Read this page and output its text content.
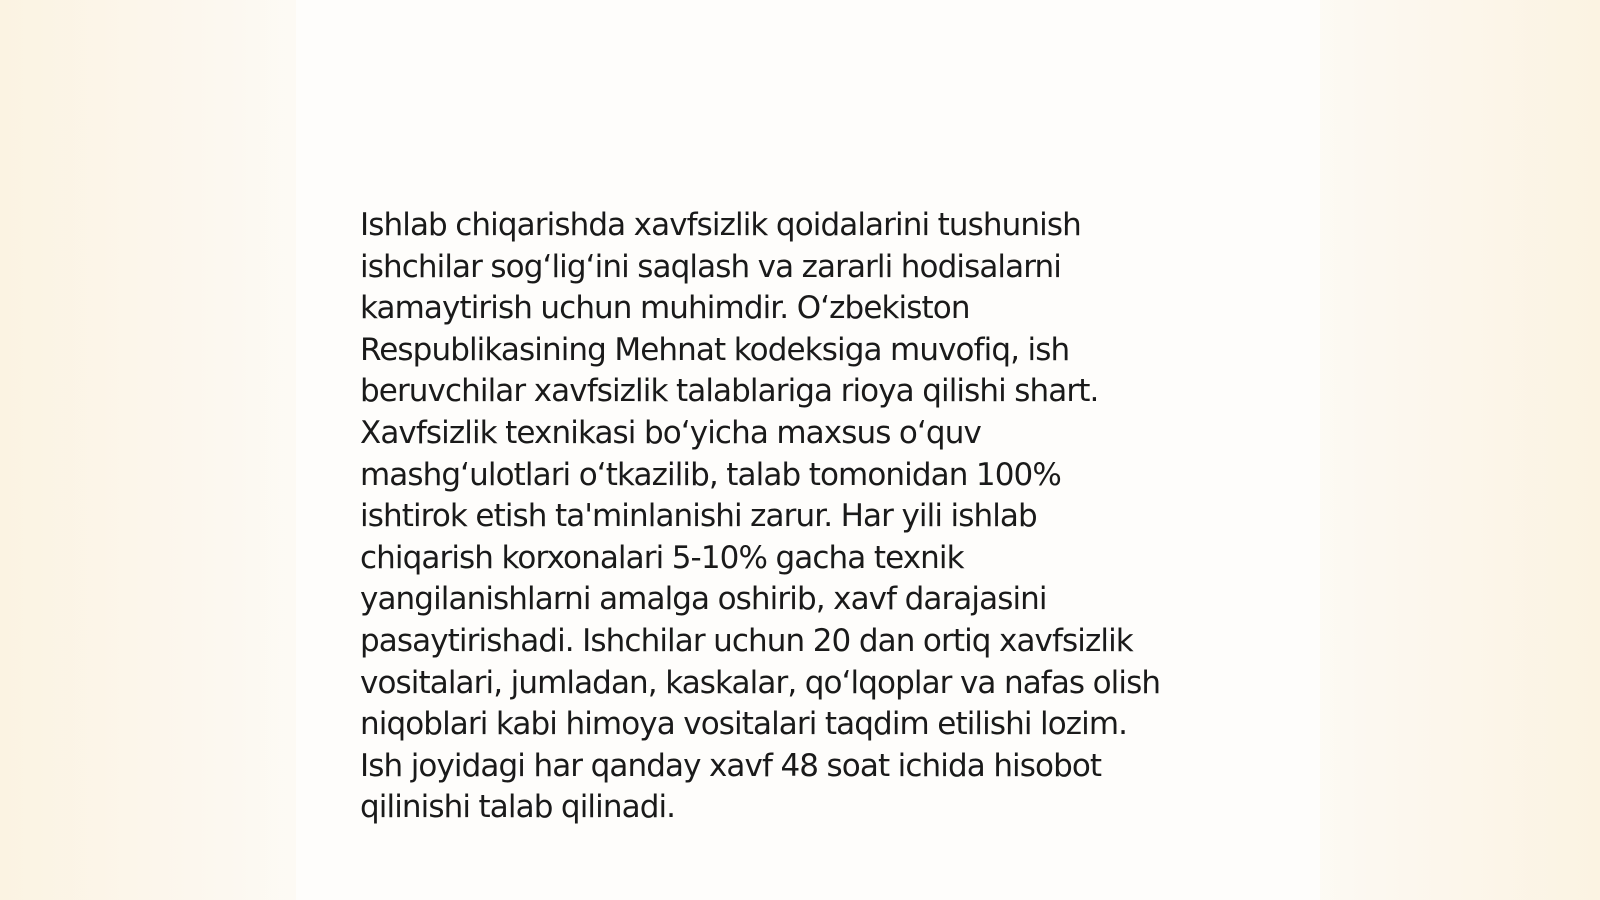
Ishlab chiqarishda xavfsizlik qoidalarini tushunish
ishchilar sogʻligʻini saqlash va zararli hodisalarni
kamaytirish uchun muhimdir. Oʻzbekiston
Respublikasining Mehnat kodeksiga muvofiq, ish
beruvchilar xavfsizlik talablariga rioya qilishi shart.
Xavfsizlik texnikasi boʻyicha maxsus oʻquv
mashgʻulotlari oʻtkazilib, talab tomonidan 100%
ishtirok etish ta'minlanishi zarur. Har yili ishlab
chiqarish korxonalari 5-10% gacha texnik
yangilanishlarni amalga oshirib, xavf darajasini
pasaytirishadi. Ishchilar uchun 20 dan ortiq xavfsizlik
vositalari, jumladan, kaskalar, qoʻlqoplar va nafas olish
niqoblari kabi himoya vositalari taqdim etilishi lozim.
Ish joyidagi har qanday xavf 48 soat ichida hisobot
qilinishi talab qilinadi.
